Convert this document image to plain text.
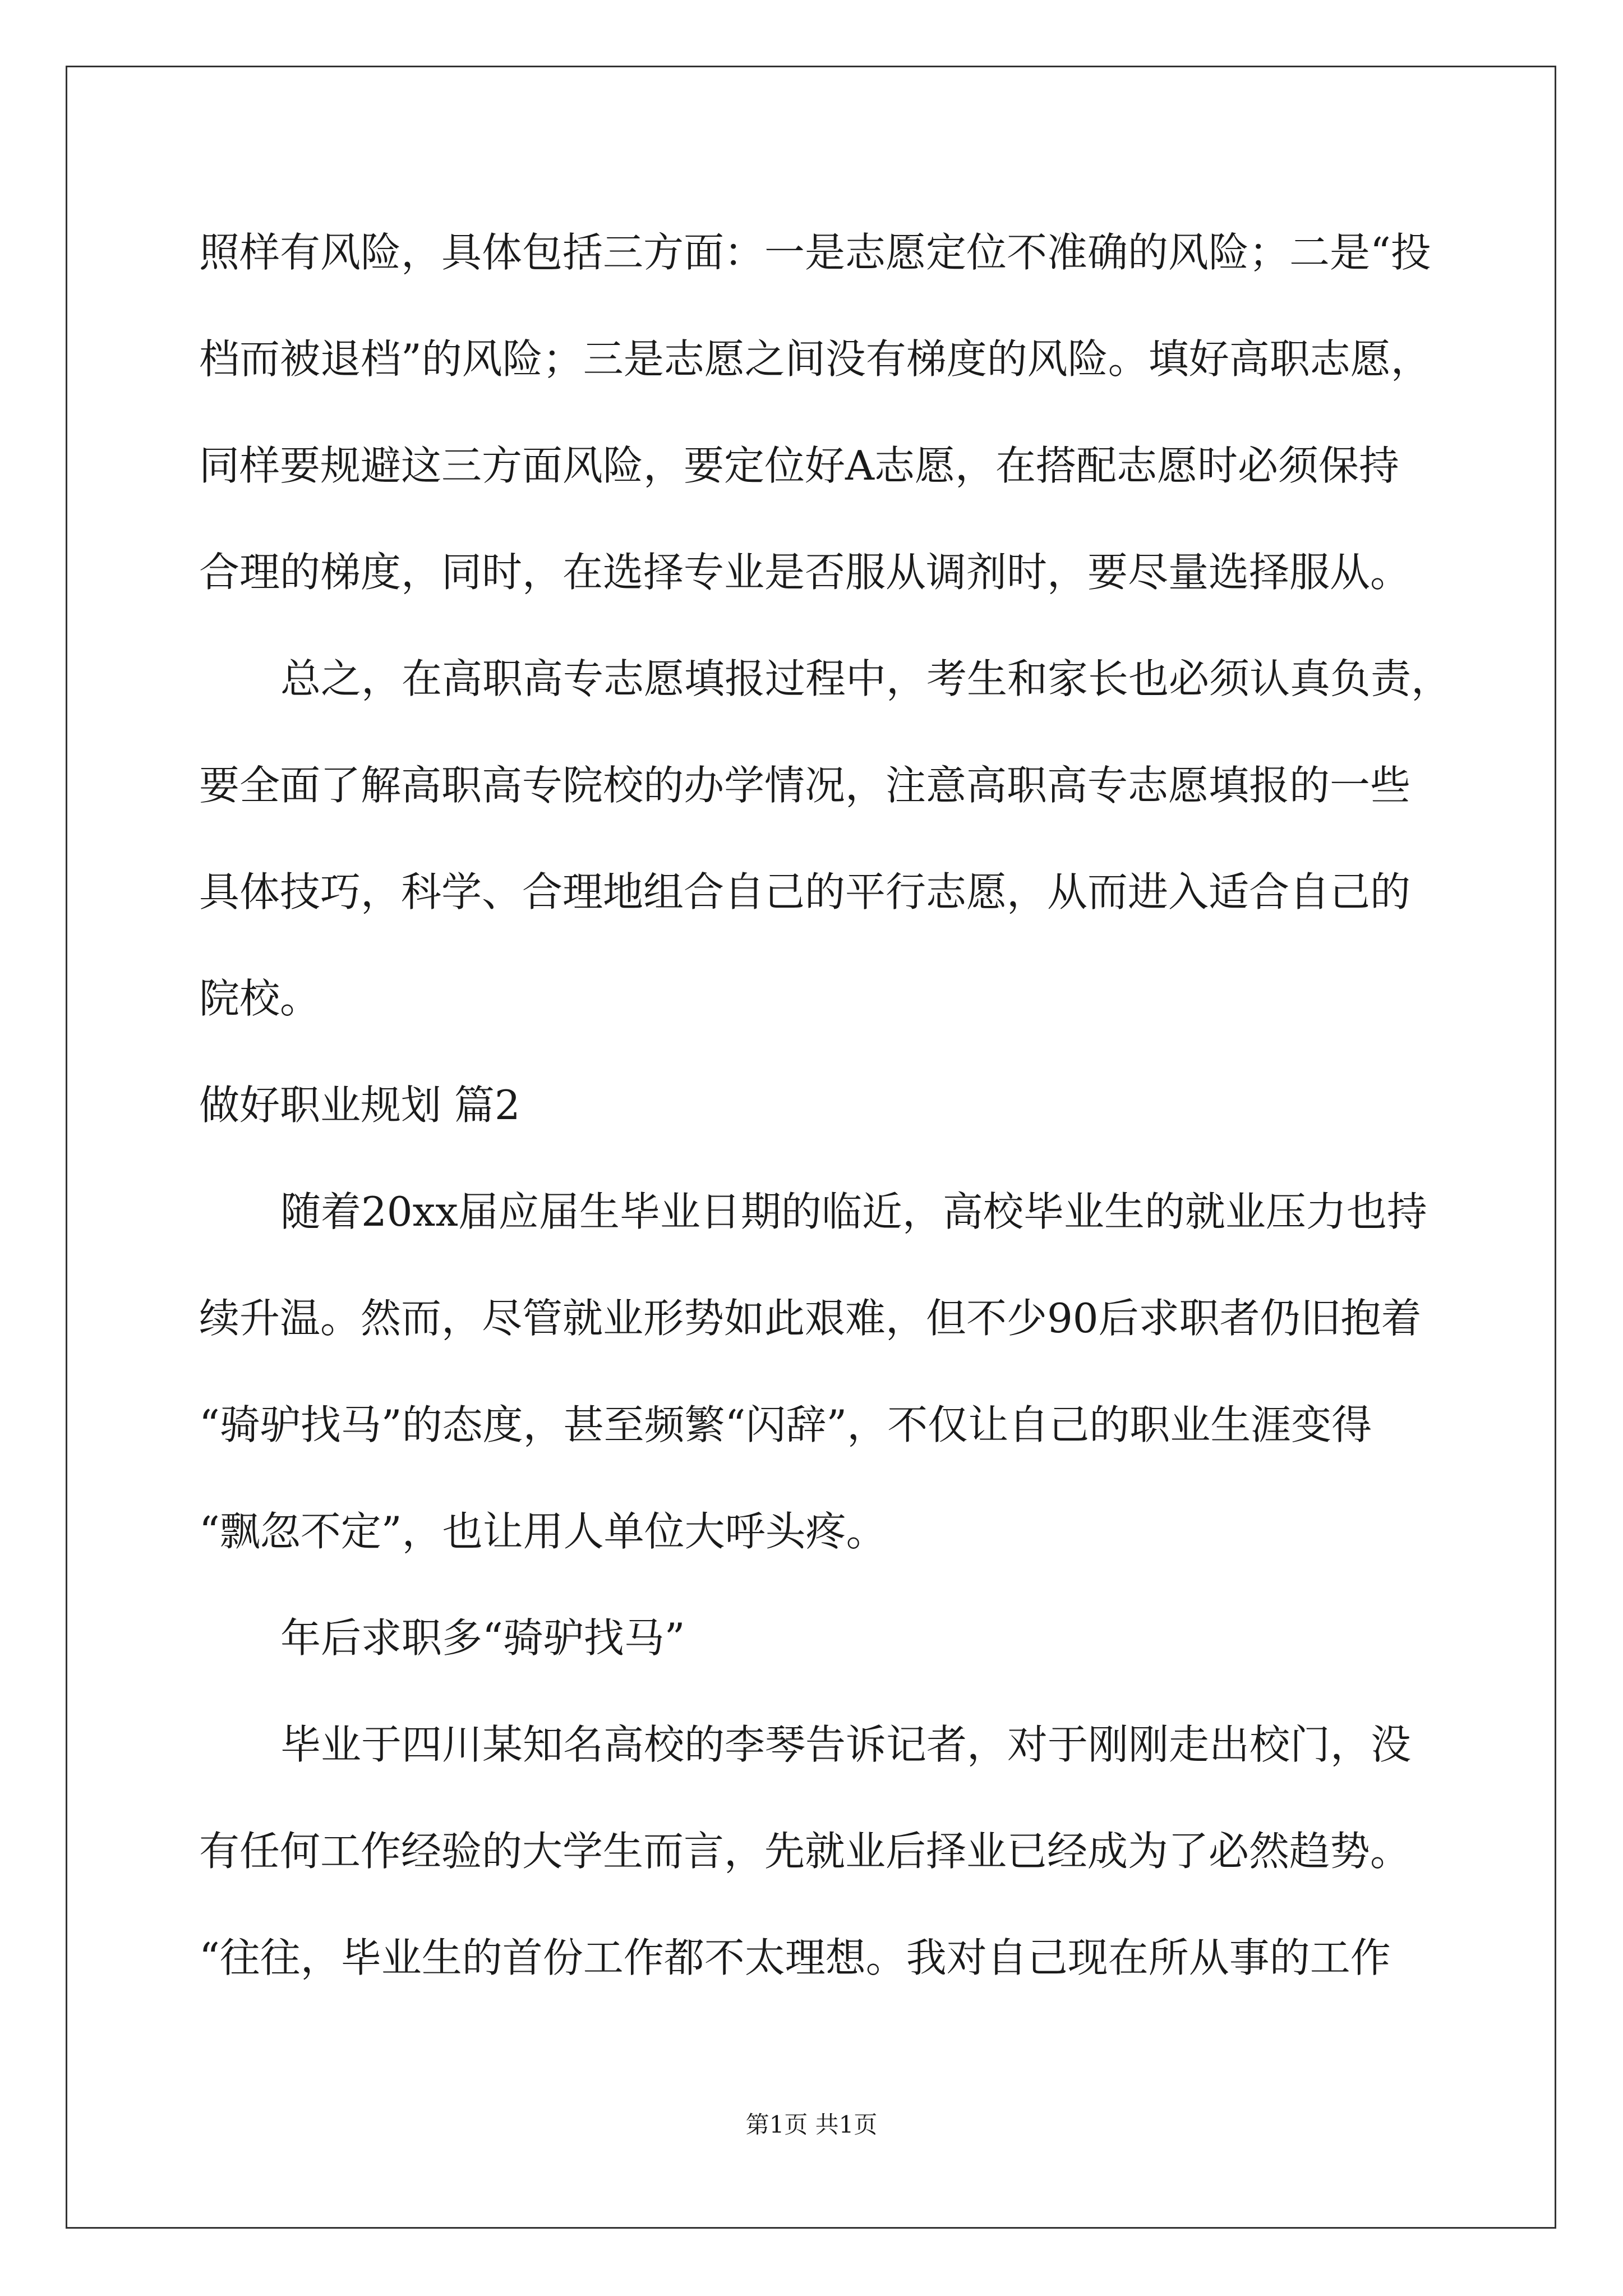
照样有风险，具体包括三方面：一是志愿定位不准确的风险；二是“投
档而被退档”的风险；三是志愿之间没有梯度的风险。填好高职志愿，
同样要规避这三方面风险，要定位好A志愿，在搭配志愿时必须保持
合理的梯度，同时，在选择专业是否服从调剂时，要尽量选择服从。
总之，在高职高专志愿填报过程中，考生和家长也必须认真负责，
要全面了解高职高专院校的办学情况，注意高职高专志愿填报的一些
具体技巧，科学、合理地组合自己的平行志愿，从而进入适合自己的
院校。
做好职业规划 篇2
随着20xx届应届生毕业日期的临近，高校毕业生的就业压力也持
续升温。然而，尽管就业形势如此艰难，但不少90后求职者仍旧抱着
“骑驴找马”的态度，甚至频繁“闪辞”，不仅让自己的职业生涯变得
“飘忽不定”，也让用人单位大呼头疼。
年后求职多“骑驴找马”
毕业于四川某知名高校的李琴告诉记者，对于刚刚走出校门，没
有任何工作经验的大学生而言，先就业后择业已经成为了必然趋势。
“往往，毕业生的首份工作都不太理想。我对自己现在所从事的工作
第1页 共1页
